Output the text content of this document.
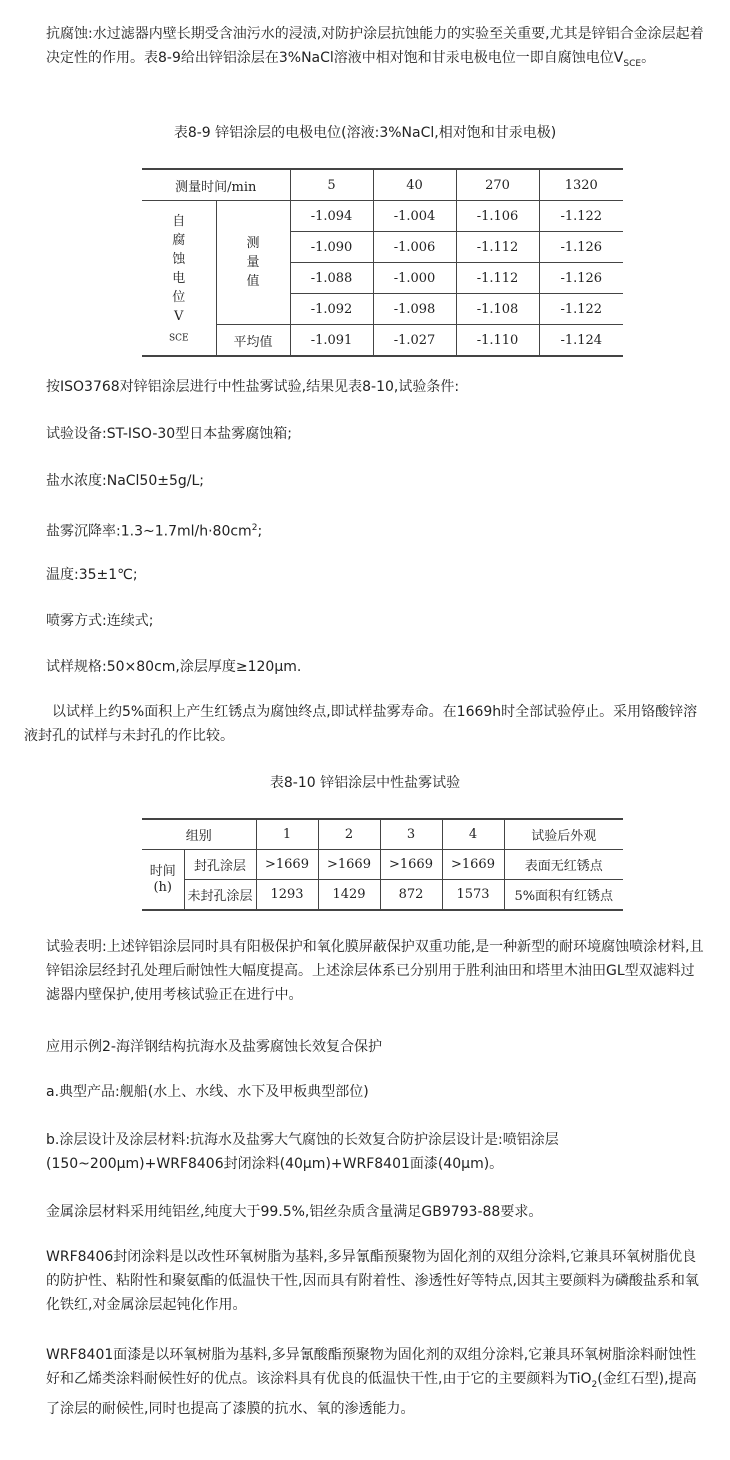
抗腐蚀:水过滤器内壁长期受含油污水的浸渍,对防护涂层抗蚀能力的实验至关重要,尤其是锌铝合金涂层起着决定性的作用。表8-9给出锌铝涂层在3%NaCl溶液中相对饱和甘汞电极电位一即自腐蚀电位$V_{SCE}$。

表8-9 锌铝涂层的电极电位(溶液:3%NaCl,相对饱和甘汞电极)
测量时间/min		5	40	270	1320

自腐蚀电位V
$_{SCE}$	测量值	-1.094	-1.004	-1.106	-1.122
		-1.090	-1.006	-1.112	-1.126
		-1.088	-1.000	-1.112	-1.126
		-1.092	-1.098	-1.108	-1.122
	平均值	-1.091	-1.027	-1.110	-1.124

按ISO3768对锌铝涂层进行中性盐雾试验,结果见表8-10,试验条件:

试验设备:ST-ISO-30型日本盐雾腐蚀箱;

盐水浓度:NaCl50±5g/L;

盐雾沉降率$:1.3\sim 1.7ml/h\cdot 80cm^2$;

温度:35±1℃;

喷雾方式:连续式;

试样规格:50×80cm,涂层厚度≥120μm.

以试样上约5%面积上产生红锈点为腐蚀终点,即试样盐雾寿命。在1669h时全部试验停止。采用铬酸锌溶液封孔的试样与未封孔的作比较。

表8-10 锌铝涂层中性盐雾试验
组别		1	2	3	4	试验后外观

时间(h)	封孔涂层	>1669	>1669	>1669	>1669	表面无红锈点
	未封孔涂层	1293	1429	872	1573	5%面积有红锈点

试验表明:上述锌铝涂层同时具有阳极保护和氧化膜屏蔽保护双重功能,是一种新型的耐环境腐蚀喷涂材料,且锌铝涂层经封孔处理后耐蚀性大幅度提高。上述涂层体系已分别用于胜利油田和塔里木油田GL型双滤料过滤器内壁保护,使用考核试验正在进行中。

应用示例2-海洋钢结构抗海水及盐雾腐蚀长效复合保护

a.典型产品:舰船(水上、水线、水下及甲板典型部位)

b.涂层设计及涂层材料:抗海水及盐雾大气腐蚀的长效复合防护涂层设计是:喷铝涂层(150~200μm)+WRF8406封闭涂料(40μm)+WRF8401面漆(40μm)。

金属涂层材料采用纯铝丝,纯度大于99.5%,铝丝杂质含量满足GB9793-88要求。

WRF8406封闭涂料是以改性环氧树脂为基料,多异氰酯预聚物为固化剂的双组分涂料,它兼具环氧树脂优良的防护性、粘附性和聚氨酯的低温快干性,因而具有附着性、渗透性好等特点,因其主要颜料为磷酸盐系和氧化铁红,对金属涂层起钝化作用。

WRF8401面漆是以环氧树脂为基料,多异氰酸酯预聚物为固化剂的双组分涂料,它兼具环氧树脂涂料耐蚀性好和乙烯类涂料耐候性好的优点。该涂料具有优良的低温快干性,由于它的主要颜料为TiO$_2$(金红石型),提高了涂层的耐候性,同时也提高了漆膜的抗水、氧的渗透能力。
